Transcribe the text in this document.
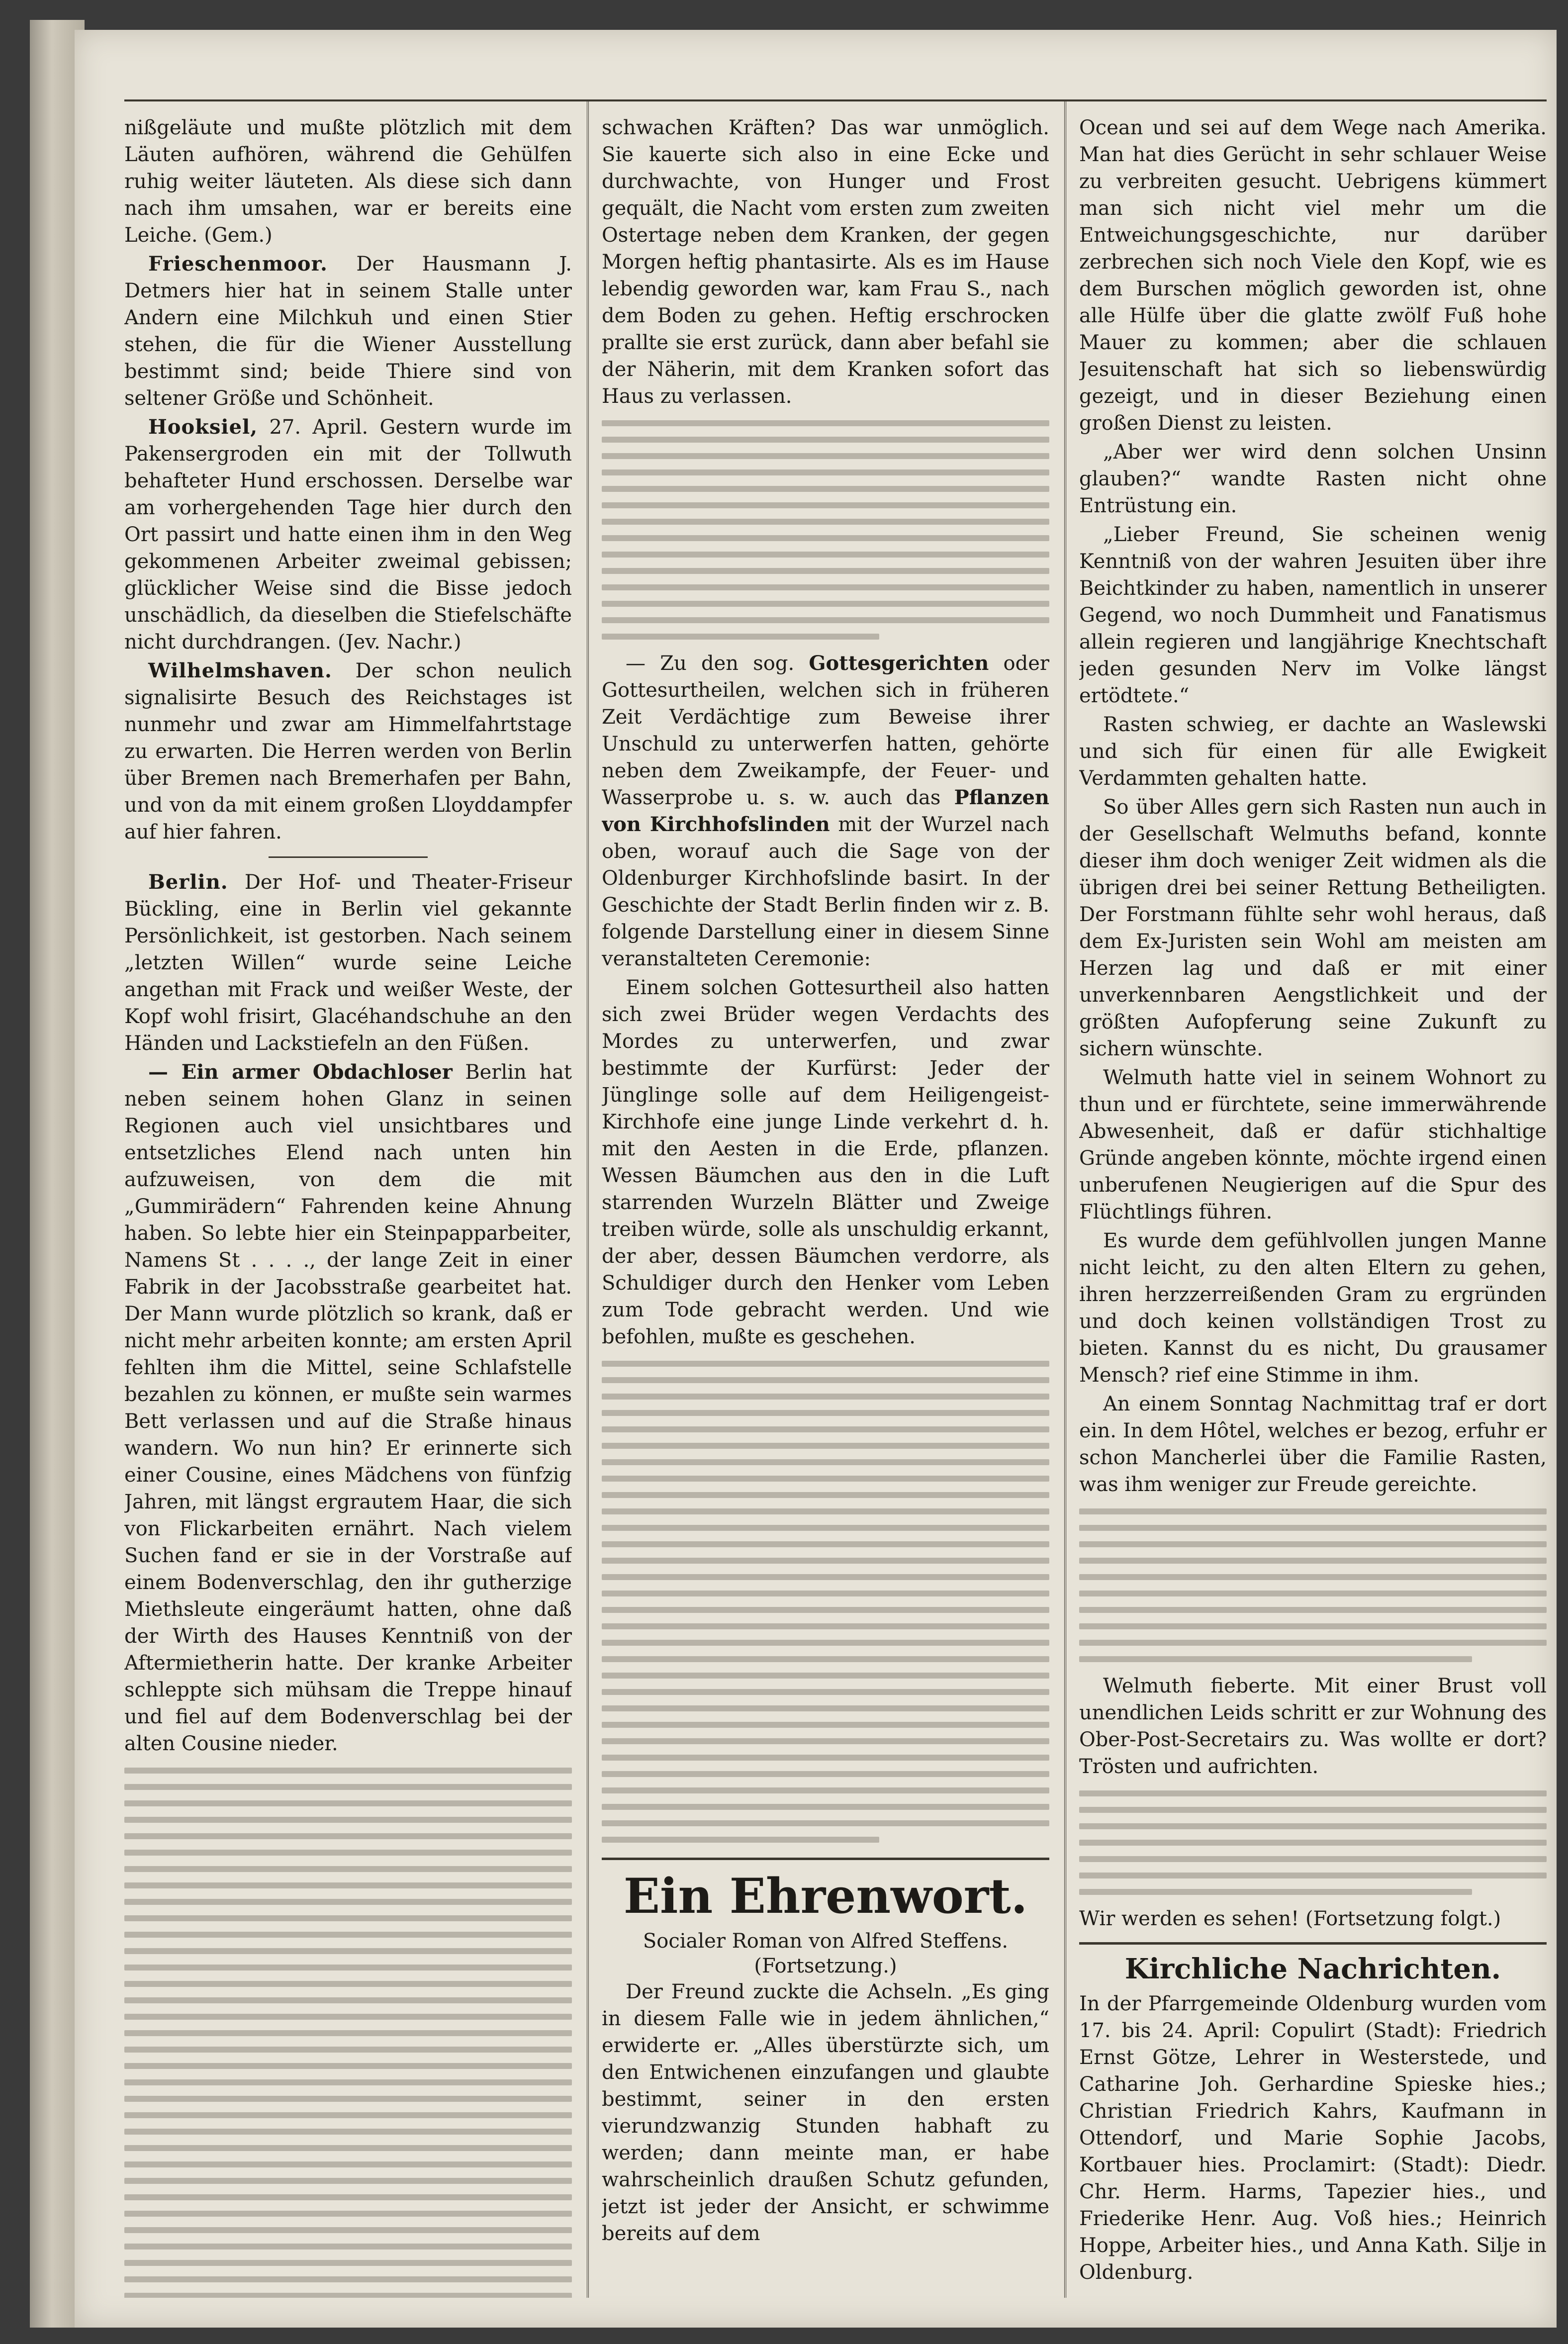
nißgeläute und mußte plötzlich mit dem Läuten aufhören, während die Gehülfen ruhig weiter läuteten. Als diese sich dann nach ihm umsahen, war er bereits eine Leiche. (Gem.)

Frieschenmoor. Der Hausmann J. Detmers hier hat in seinem Stalle unter Andern eine Milchkuh und einen Stier stehen, die für die Wiener Ausstellung bestimmt sind; beide Thiere sind von seltener Größe und Schönheit.

Hooksiel, 27. April. Gestern wurde im Pakensergroden ein mit der Tollwuth behafteter Hund erschossen. Derselbe war am vorhergehenden Tage hier durch den Ort passirt und hatte einen ihm in den Weg gekommenen Arbeiter zweimal gebissen; glücklicher Weise sind die Bisse jedoch unschädlich, da dieselben die Stiefelschäfte nicht durchdrangen. (Jev. Nachr.)

Wilhelmshaven. Der schon neulich signalisirte Besuch des Reichstages ist nunmehr und zwar am Himmelfahrtstage zu erwarten. Die Herren werden von Berlin über Bremen nach Bremerhafen per Bahn, und von da mit einem großen Lloyddampfer auf hier fahren.

Berlin. Der Hof- und Theater-Friseur Bückling, eine in Berlin viel gekannte Persönlichkeit, ist gestorben. Nach seinem „letzten Willen“ wurde seine Leiche angethan mit Frack und weißer Weste, der Kopf wohl frisirt, Glacéhandschuhe an den Händen und Lackstiefeln an den Füßen.

— Ein armer Obdachloser Berlin hat neben seinem hohen Glanz in seinen Regionen auch viel unsichtbares und entsetzliches Elend nach unten hin aufzuweisen, von dem die mit „Gummirädern“ Fahrenden keine Ahnung haben. So lebte hier ein Steinpapparbeiter, Namens St . . . ., der lange Zeit in einer Fabrik in der Jacobsstraße gearbeitet hat. Der Mann wurde plötzlich so krank, daß er nicht mehr arbeiten konnte; am ersten April fehlten ihm die Mittel, seine Schlafstelle bezahlen zu können, er mußte sein warmes Bett verlassen und auf die Straße hinaus wandern. Wo nun hin? Er erinnerte sich einer Cousine, eines Mädchens von fünfzig Jahren, mit längst ergrautem Haar, die sich von Flickarbeiten ernährt. Nach vielem Suchen fand er sie in der Vorstraße auf einem Bodenverschlag, den ihr gutherzige Miethsleute eingeräumt hatten, ohne daß der Wirth des Hauses Kenntniß von der Aftermietherin hatte. Der kranke Arbeiter schleppte sich mühsam die Treppe hinauf und fiel auf dem Bodenverschlag bei der alten Cousine nieder.

schwachen Kräften? Das war unmöglich. Sie kauerte sich also in eine Ecke und durchwachte, von Hunger und Frost gequält, die Nacht vom ersten zum zweiten Ostertage neben dem Kranken, der gegen Morgen heftig phantasirte. Als es im Hause lebendig geworden war, kam Frau S., nach dem Boden zu gehen. Heftig erschrocken prallte sie erst zurück, dann aber befahl sie der Näherin, mit dem Kranken sofort das Haus zu verlassen.

— Zu den sog. Gottesgerichten oder Gottesurtheilen, welchen sich in früheren Zeit Verdächtige zum Beweise ihrer Unschuld zu unterwerfen hatten, gehörte neben dem Zweikampfe, der Feuer- und Wasserprobe u. s. w. auch das Pflanzen von Kirchhofslinden mit der Wurzel nach oben, worauf auch die Sage von der Oldenburger Kirchhofslinde basirt. In der Geschichte der Stadt Berlin finden wir z. B. folgende Darstellung einer in diesem Sinne veranstalteten Ceremonie:

Einem solchen Gottesurtheil also hatten sich zwei Brüder wegen Verdachts des Mordes zu unterwerfen, und zwar bestimmte der Kurfürst: Jeder der Jünglinge solle auf dem Heiligengeist-Kirchhofe eine junge Linde verkehrt d. h. mit den Aesten in die Erde, pflanzen. Wessen Bäumchen aus den in die Luft starrenden Wurzeln Blätter und Zweige treiben würde, solle als unschuldig erkannt, der aber, dessen Bäumchen verdorre, als Schuldiger durch den Henker vom Leben zum Tode gebracht werden. Und wie befohlen, mußte es geschehen.

Ein Ehrenwort.

Socialer Roman von Alfred Steffens.

(Fortsetzung.)

Der Freund zuckte die Achseln. „Es ging in diesem Falle wie in jedem ähnlichen,“ erwiderte er. „Alles überstürzte sich, um den Entwichenen einzufangen und glaubte bestimmt, seiner in den ersten vierundzwanzig Stunden habhaft zu werden; dann meinte man, er habe wahrscheinlich draußen Schutz gefunden, jetzt ist jeder der Ansicht, er schwimme bereits auf dem

Ocean und sei auf dem Wege nach Amerika. Man hat dies Gerücht in sehr schlauer Weise zu verbreiten gesucht. Uebrigens kümmert man sich nicht viel mehr um die Entweichungsgeschichte, nur darüber zerbrechen sich noch Viele den Kopf, wie es dem Burschen möglich geworden ist, ohne alle Hülfe über die glatte zwölf Fuß hohe Mauer zu kommen; aber die schlauen Jesuitenschaft hat sich so liebenswürdig gezeigt, und in dieser Beziehung einen großen Dienst zu leisten.

„Aber wer wird denn solchen Unsinn glauben?“ wandte Rasten nicht ohne Entrüstung ein.

„Lieber Freund, Sie scheinen wenig Kenntniß von der wahren Jesuiten über ihre Beichtkinder zu haben, namentlich in unserer Gegend, wo noch Dummheit und Fanatismus allein regieren und langjährige Knechtschaft jeden gesunden Nerv im Volke längst ertödtete.“

Rasten schwieg, er dachte an Waslewski und sich für einen für alle Ewigkeit Verdammten gehalten hatte.

So über Alles gern sich Rasten nun auch in der Gesellschaft Welmuths befand, konnte dieser ihm doch weniger Zeit widmen als die übrigen drei bei seiner Rettung Betheiligten. Der Forstmann fühlte sehr wohl heraus, daß dem Ex-Juristen sein Wohl am meisten am Herzen lag und daß er mit einer unverkennbaren Aengstlichkeit und der größten Aufopferung seine Zukunft zu sichern wünschte.

Welmuth hatte viel in seinem Wohnort zu thun und er fürchtete, seine immerwährende Abwesenheit, daß er dafür stichhaltige Gründe angeben könnte, möchte irgend einen unberufenen Neugierigen auf die Spur des Flüchtlings führen.

Es wurde dem gefühlvollen jungen Manne nicht leicht, zu den alten Eltern zu gehen, ihren herzzerreißenden Gram zu ergründen und doch keinen vollständigen Trost zu bieten. Kannst du es nicht, Du grausamer Mensch? rief eine Stimme in ihm.

An einem Sonntag Nachmittag traf er dort ein. In dem Hôtel, welches er bezog, erfuhr er schon Mancherlei über die Familie Rasten, was ihm weniger zur Freude gereichte.

Welmuth fieberte. Mit einer Brust voll unendlichen Leids schritt er zur Wohnung des Ober-Post-Secretairs zu. Was wollte er dort? Trösten und aufrichten.

Wir werden es sehen! (Fortsetzung folgt.)

Kirchliche Nachrichten.

In der Pfarrgemeinde Oldenburg wurden vom 17. bis 24. April: Copulirt (Stadt): Friedrich Ernst Götze, Lehrer in Westerstede, und Catharine Joh. Gerhardine Spieske hies.; Christian Friedrich Kahrs, Kaufmann in Ottendorf, und Marie Sophie Jacobs, Kortbauer hies. Proclamirt: (Stadt): Diedr. Chr. Herm. Harms, Tapezier hies., und Friederike Henr. Aug. Voß hies.; Heinrich Hoppe, Arbeiter hies., und Anna Kath. Silje in Oldenburg.
